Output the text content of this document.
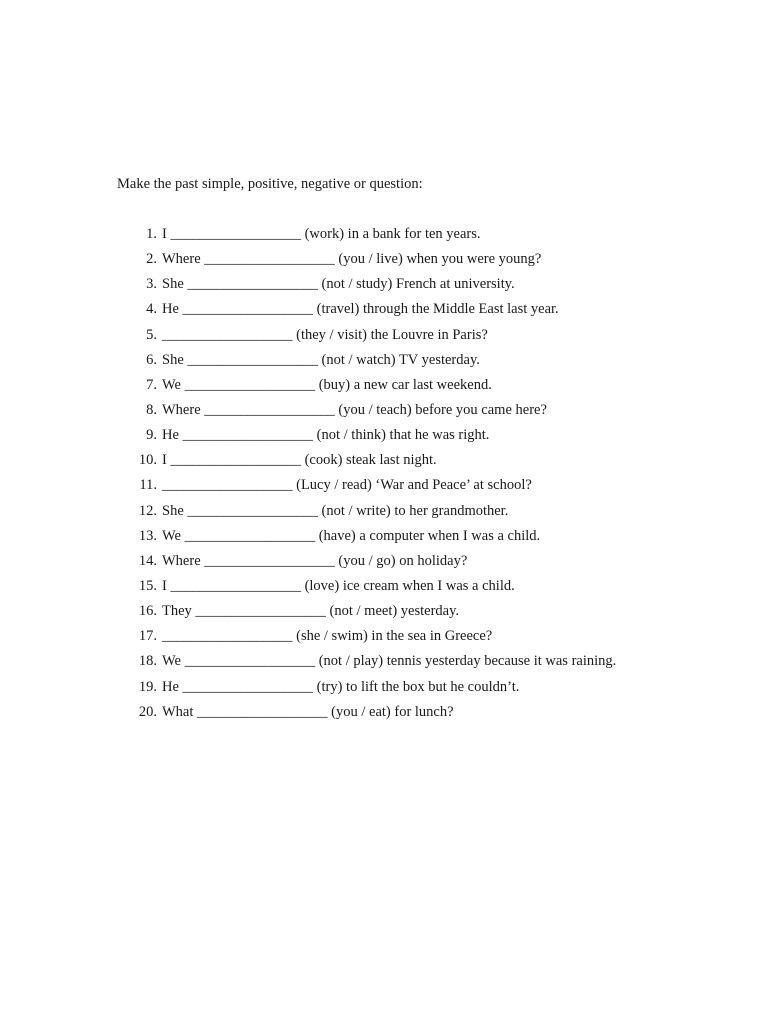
Make the past simple, positive, negative or question:
1. I __________________ (work) in a bank for ten years.
2. Where __________________ (you / live) when you were young?
3. She __________________ (not / study) French at university.
4. He __________________ (travel) through the Middle East last year.
5. __________________ (they / visit) the Louvre in Paris?
6. She __________________ (not / watch) TV yesterday.
7. We __________________ (buy) a new car last weekend.
8. Where __________________ (you / teach) before you came here?
9. He __________________ (not / think) that he was right.
10. I __________________ (cook) steak last night.
11. __________________ (Lucy / read) ‘War and Peace’ at school?
12. She __________________ (not / write) to her grandmother.
13. We __________________ (have) a computer when I was a child.
14. Where __________________ (you / go) on holiday?
15. I __________________ (love) ice cream when I was a child.
16. They __________________ (not / meet) yesterday.
17. __________________ (she / swim) in the sea in Greece?
18. We __________________ (not / play) tennis yesterday because it was raining.
19. He __________________ (try) to lift the box but he couldn’t.
20. What __________________ (you / eat) for lunch?
